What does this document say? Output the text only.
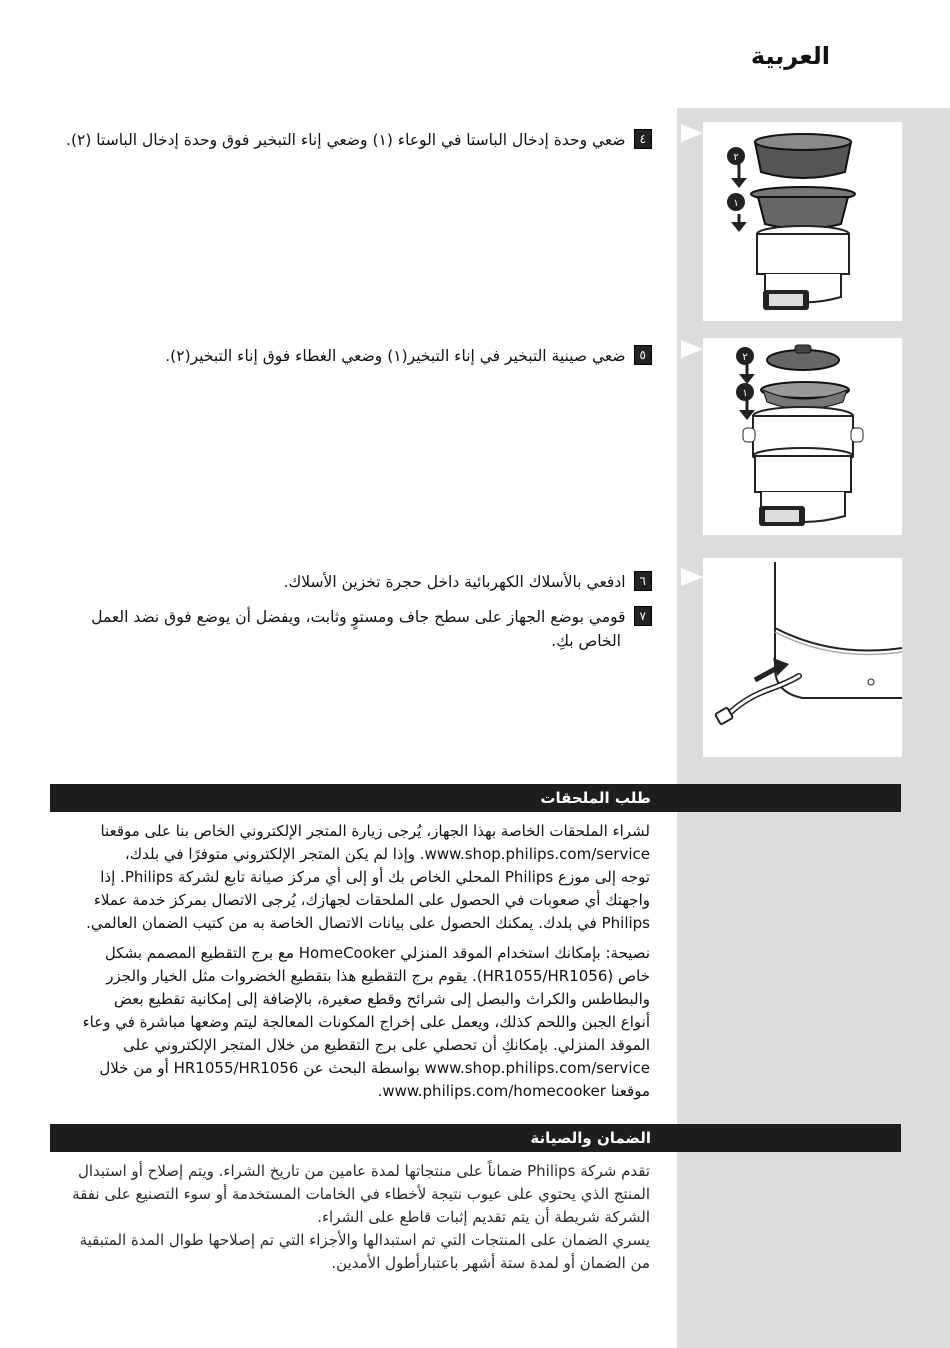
العربية
٤ضعي وحدة إدخال الباستا في الوعاء (١) وضعي إناء التبخير فوق وحدة إدخال الباستا (٢).
٢
١
٥ضعي صينية التبخير في إناء التبخير(١) وضعي الغطاء فوق إناء التبخير(٢).	٢
١
٦ادفعي بالأسلاك الكهربائية داخل حجرة تخزين الأسلاك.
٧قومي بوضع الجهاز على سطح جاف ومستوٍ وثابت، ويفضل أن يوضع فوق نضد العمل
الخاص بكِ.
طلب الملحقات
لشراء الملحقات الخاصة بهذا الجهاز، يُرجى زيارة المتجر الإلكتروني الخاص بنا على موقعنا
www.shop.philips.com/service. وإذا لم يكن المتجر الإلكتروني متوفرًا في بلدك،
توجه إلى موزع Philips المحلي الخاص بك أو إلى أي مركز صيانة تابع لشركة Philips. إذا
واجهتك أي صعوبات في الحصول على الملحقات لجهازك، يُرجى الاتصال بمركز خدمة عملاء
Philips في بلدك. يمكنك الحصول على بيانات الاتصال الخاصة به من كتيب الضمان العالمي.
نصيحة: بإمكانك استخدام الموقد المنزلي HomeCooker مع برج التقطيع المصمم بشكل
خاص (HR1055/HR1056). يقوم برج التقطيع هذا بتقطيع الخضروات مثل الخيار والجزر
والبطاطس والكراث والبصل إلى شرائح وقطع صغيرة، بالإضافة إلى إمكانية تقطيع بعض
أنواع الجبن واللحم كذلك، ويعمل على إخراج المكونات المعالجة ليتم وضعها مباشرة في وعاء
الموقد المنزلي. بإمكانكِ أن تحصلي على برج التقطيع من خلال المتجر الإلكتروني على
www.shop.philips.com/service بواسطة البحث عن HR1055/HR1056 أو من خلال
موقعنا www.philips.com/homecooker.
الضمان والصيانة
تقدم شركة Philips ضماناً على منتجاتها لمدة عامين من تاريخ الشراء. ويتم إصلاح أو استبدال
المنتج الذي يحتوي على عيوب نتيجة لأخطاء في الخامات المستخدمة أو سوء التصنيع على نفقة
الشركة شريطة أن يتم تقديم إثبات قاطع على الشراء.
يسري الضمان على المنتجات التي تم استبدالها والأجزاء التي تم إصلاحها طوال المدة المتبقية
من الضمان أو لمدة ستة أشهر باعتبارأطول الأمدين.
